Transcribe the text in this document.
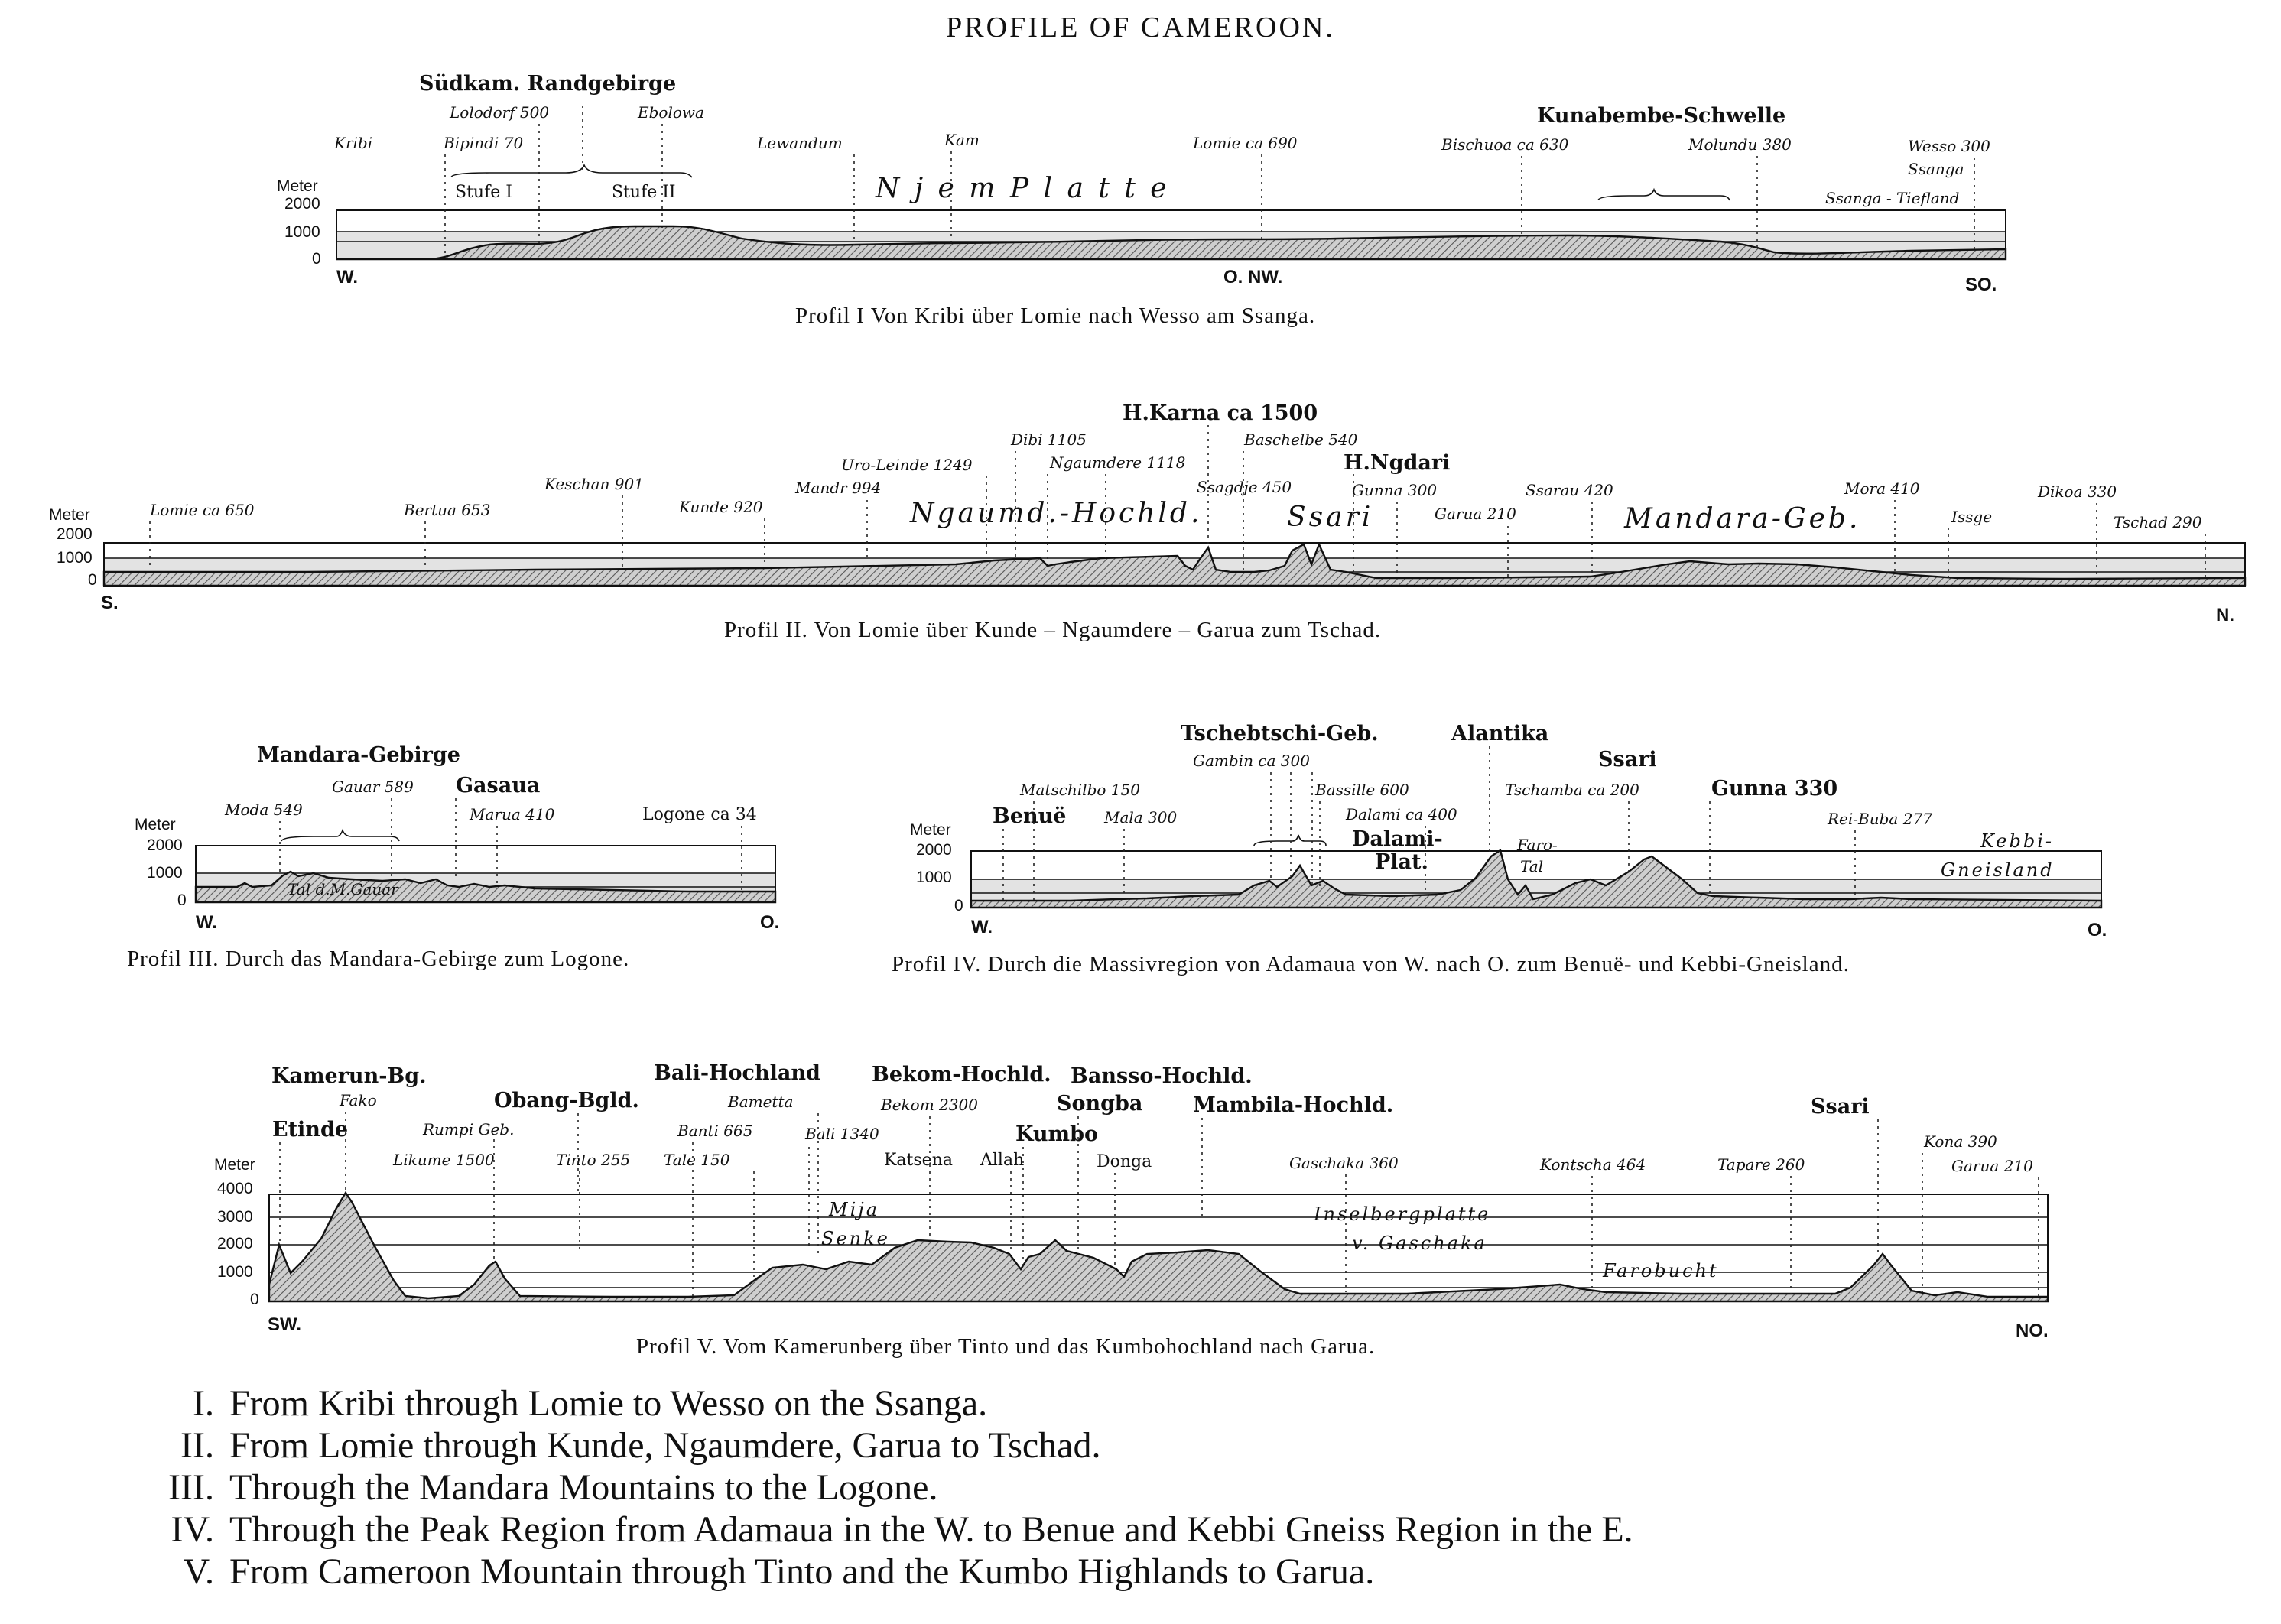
PROFILE OF CAMEROON.
Meter
2000
1000
0
W.	O. NW.	SO.
Südkam. Randgebirge
Kunabembe-Schwelle
N j e m P l a t t e	Ssanga - Tiefland
Stufe I	Stufe II
Kribi
Lolodorf 500
Bipindi 70
Ebolowa
Lewandum	Kam	Lomie ca 690	Bischuoa ca 630	Molundu 380	Wesso 300
Ssanga
Profil I Von Kribi über Lomie nach Wesso am Ssanga.
Meter
2000
1000
0
S.
N.
H.Karna ca 1500
Ngaumd.-Hochld.	Ssari	Mandara-Geb.
Lomie ca 650	Bertua 653
Keschan 901
Kunde 920
Mandr 994
Uro-Leinde 1249
Dibi 1105
Ngaumdere 1118
Ssagdje 450
Baschelbe 540
H.Ngdari
Gunna 300
Garua 210
Ssarau 420	Mora 410
Issge
Dikoa 330
Tschad 290
Profil II. Von Lomie über Kunde – Ngaumdere – Garua zum Tschad.
Meter
2000
1000
0
W.	O.
Mandara-Gebirge
Moda 549
Gauar 589 Gasaua
Marua 410	Logone ca 34
Tal d.M.Gauar
Profil III. Durch das Mandara-Gebirge zum Logone.
Meter
2000
1000
0
W.	O.
Tschebtschi-Geb.	Alantika
Ssari
Kebbi-
Gneisland
Dalami-
Plat.
Faro-
Tal
Benuë
Matschilbo 150
Mala 300
Gambin ca 300
Bassille 600
Dalami ca 400
Tschamba ca 200	Gunna 330
Rei-Buba 277
Profil IV. Durch die Massivregion von Adamaua von W. nach O. zum Benuë- und Kebbi-Gneisland.
Meter
4000
3000
2000
1000
0
SW.	NO.
Kamerun-Bg.	Bali-Hochland Bekom-Hochld. Bansso-Hochld.
Mambila-Hochld.	Ssari
Inselbergplatte
v. Gaschaka
Farobucht
Mija
Senke
Fako
Etinde	Rumpi Geb.
Obang-Bgld.
Likume 1500	Tinto 255
Banti 665
Tale 150
Bametta
Bali 1340
Bekom 2300
Katsena Allah
Songba
Kumbo
Donga	Gaschaka 360	Kontscha 464	Tapare 260
Kona 390
Garua 210
Profil V. Vom Kamerunberg über Tinto und das Kumbohochland nach Garua.
I. From Kribi through Lomie to Wesso on the Ssanga.
II. From Lomie through Kunde, Ngaumdere, Garua to Tschad.
III. Through the Mandara Mountains to the Logone.
IV. Through the Peak Region from Adamaua in the W. to Benue and Kebbi Gneiss Region in the E.
V. From Cameroon Mountain through Tinto and the Kumbo Highlands to Garua.
